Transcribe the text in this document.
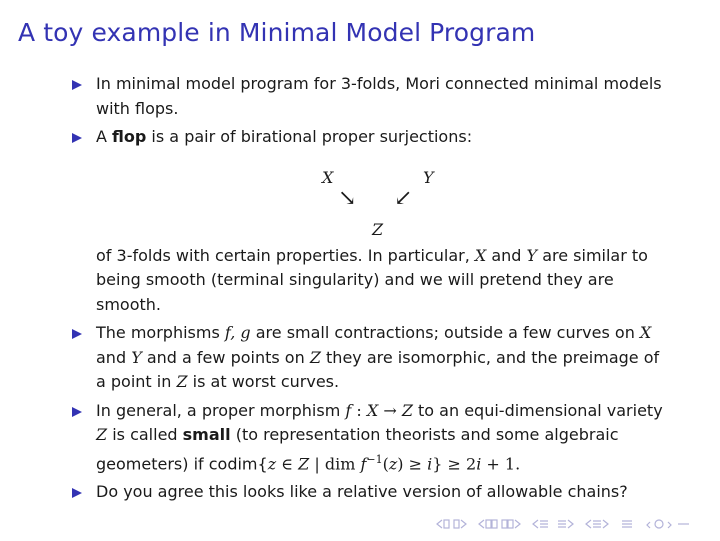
A toy example in Minimal Model Program
In minimal model program for 3-folds, Mori connected minimal models with flops.
A flop is a pair of birational proper surjections:
X	Y
↘ ↙
Z
of 3-folds with certain properties. In particular, X and Y are similar to being smooth (terminal singularity) and we will pretend they are smooth.
The morphisms f, g are small contractions; outside a few curves on X and Y and a few points on Z they are isomorphic, and the preimage of a point in Z is at worst curves.
In general, a proper morphism f : X → Z to an equi-dimensional variety Z is called small (to representation theorists and some algebraic geometers) if codim{z ∈ Z | dim $f^{-1}(z) \ge i\} \ge 2i + 1$.
Do you agree this looks like a relative version of allowable chains?
